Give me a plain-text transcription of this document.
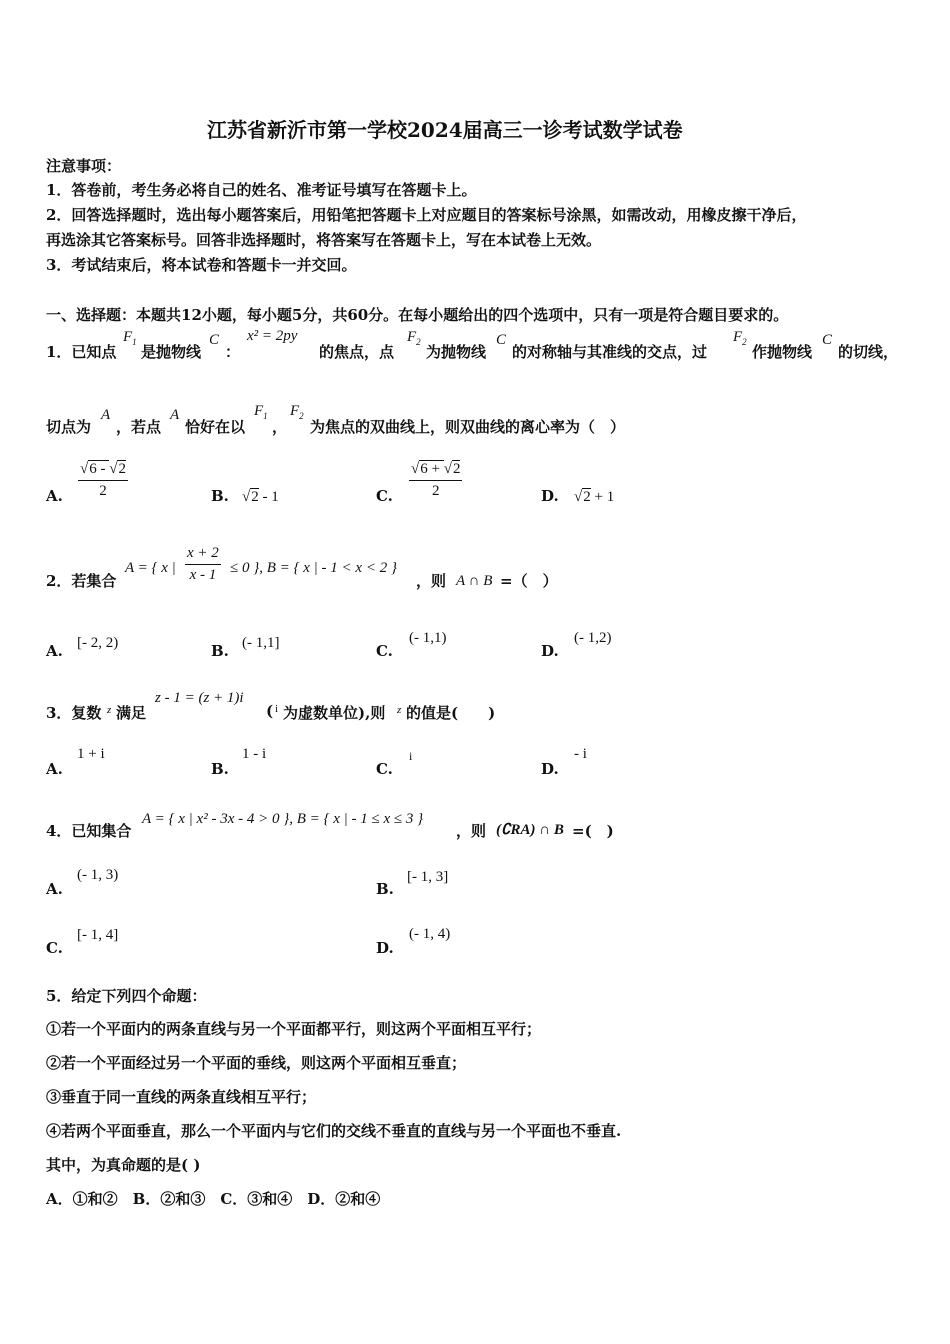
江苏省新沂市第一学校2024届高三一诊考试数学试卷
注意事项：
1．答卷前，考生务必将自己的姓名、准考证号填写在答题卡上。
2．回答选择题时，选出每小题答案后，用铅笔把答题卡上对应题目的答案标号涂黑，如需改动，用橡皮擦干净后，
再选涂其它答案标号。回答非选择题时，将答案写在答题卡上，写在本试卷上无效。
3．考试结束后，将本试卷和答题卡一并交回。
一、选择题：本题共12小题，每小题5分，共60分。在每小题给出的四个选项中，只有一项是符合题目要求的。
1．已知点
$F_1$
是抛物线
C
：
x² = 2py
的焦点，点
$F_2$
为抛物线
C
的对称轴与其准线的交点，过
$F_2$
作抛物线
C
的切线，
切点为
A
，若点
A
恰好在以
$F_1$
，
$F_2$
为焦点的双曲线上，则双曲线的离心率为（　）
A. $\frac{√6 - √2}{2}$	B. √2 - 1	C. $\frac{√6 + √2}{2}$	D. √2 + 1
2．若集合
A = { x | $\frac{x + 2}{x - 1} \le 0$ }, B = { x | - 1 < x < 2 }
，则 A ∩ B =（　）
A. [- 2, 2)	B. (- 1,1]	C.
(- 1,1)
D.
(- 1,2)
3．复数 z 满足
z - 1 = (z + 1)i
( i 为虚数单位),则 z 的值是(　　)
A.
1 + i
B.
1 - i
C.
i
D.
- i
4．已知集合
A = { x | x² - 3x - 4 > 0 }, B = { x | - 1 ≤ x ≤ 3 }
，则 (∁RA) ∩ B =(　)
A.
(- 1, 3)
B.
[- 1, 3]
C.
[- 1, 4]
D.
(- 1, 4)
5．给定下列四个命题：
①若一个平面内的两条直线与另一个平面都平行，则这两个平面相互平行；
②若一个平面经过另一个平面的垂线，则这两个平面相互垂直；
③垂直于同一直线的两条直线相互平行；
④若两个平面垂直，那么一个平面内与它们的交线不垂直的直线与另一个平面也不垂直.
其中，为真命题的是( )
A．①和②　B．②和③　C．③和④　D．②和④
